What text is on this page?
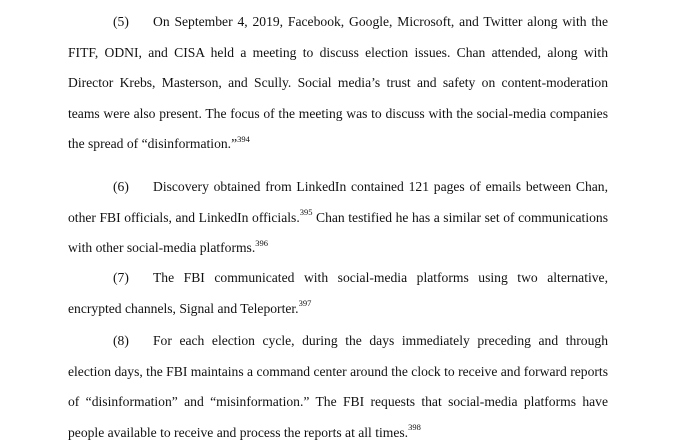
(5) On September 4, 2019, Facebook, Google, Microsoft, and Twitter along with the FITF, ODNI, and CISA held a meeting to discuss election issues. Chan attended, along with Director Krebs, Masterson, and Scully. Social media’s trust and safety on content-moderation teams were also present. The focus of the meeting was to discuss with the social-media companies the spread of “disinformation.”$^{394}$

(6) Discovery obtained from LinkedIn contained 121 pages of emails between Chan, other FBI officials, and LinkedIn officials.$^{395}$ Chan testified he has a similar set of communications with other social-media platforms.$^{396}$

(7) The FBI communicated with social-media platforms using two alternative, encrypted channels, Signal and Teleporter.$^{397}$

(8) For each election cycle, during the days immediately preceding and through election days, the FBI maintains a command center around the clock to receive and forward reports of “disinformation” and “misinformation.” The FBI requests that social-media platforms have people available to receive and process the reports at all times.$^{398}$
